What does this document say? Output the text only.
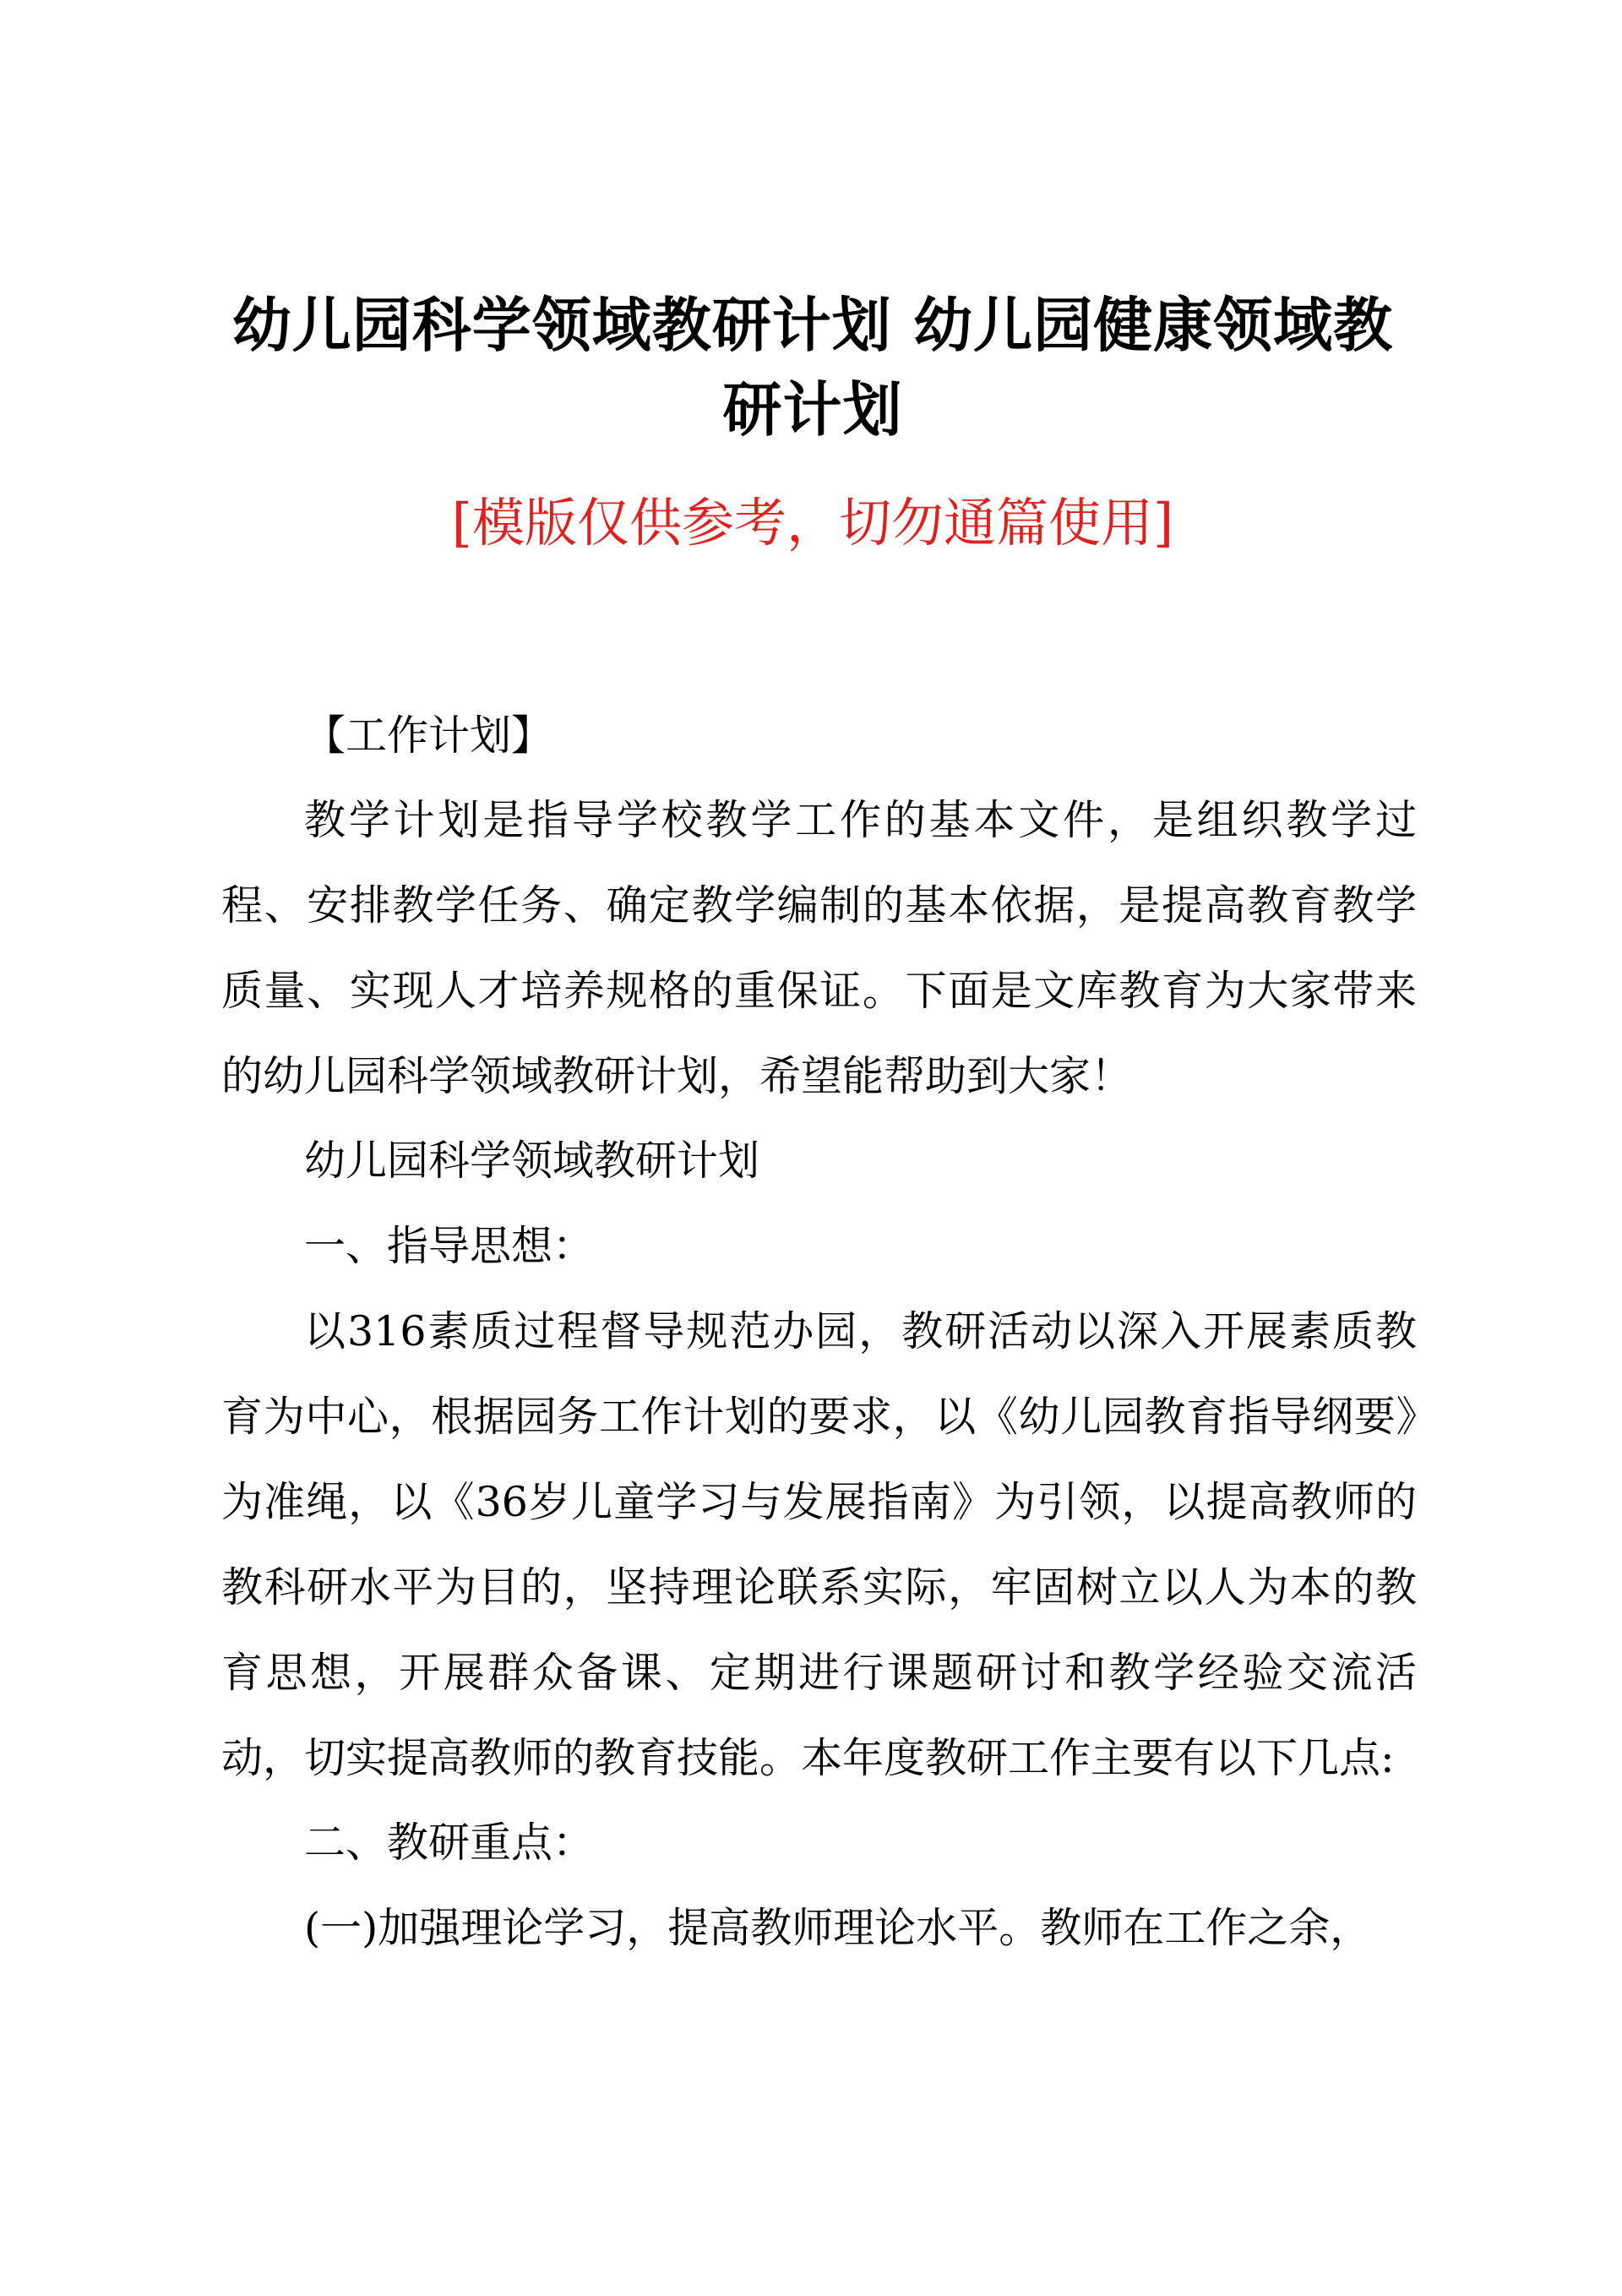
幼儿园科学领域教研计划 幼儿园健康领域教研计划
[模版仅供参考，切勿通篇使用]
【工作计划】

教学计划是指导学校教学工作的基本文件，是组织教学过程、安排教学任务、确定教学编制的基本依据，是提高教育教学质量、实现人才培养规格的重保证。下面是文库教育为大家带来的幼儿园科学领域教研计划，希望能帮助到大家！

幼儿园科学领域教研计划
一、指导思想：

以316素质过程督导规范办园，教研活动以深入开展素质教育为中心，根据园务工作计划的要求，以《幼儿园教育指导纲要》为准绳，以《36岁儿童学习与发展指南》为引领，以提高教师的教科研水平为目的，坚持理论联系实际，牢固树立以人为本的教育思想，开展群众备课、定期进行课题研讨和教学经验交流活动，切实提高教师的教育技能。本年度教研工作主要有以下几点:

二、教研重点：
(一)加强理论学习，提高教师理论水平。教师在工作之余，
